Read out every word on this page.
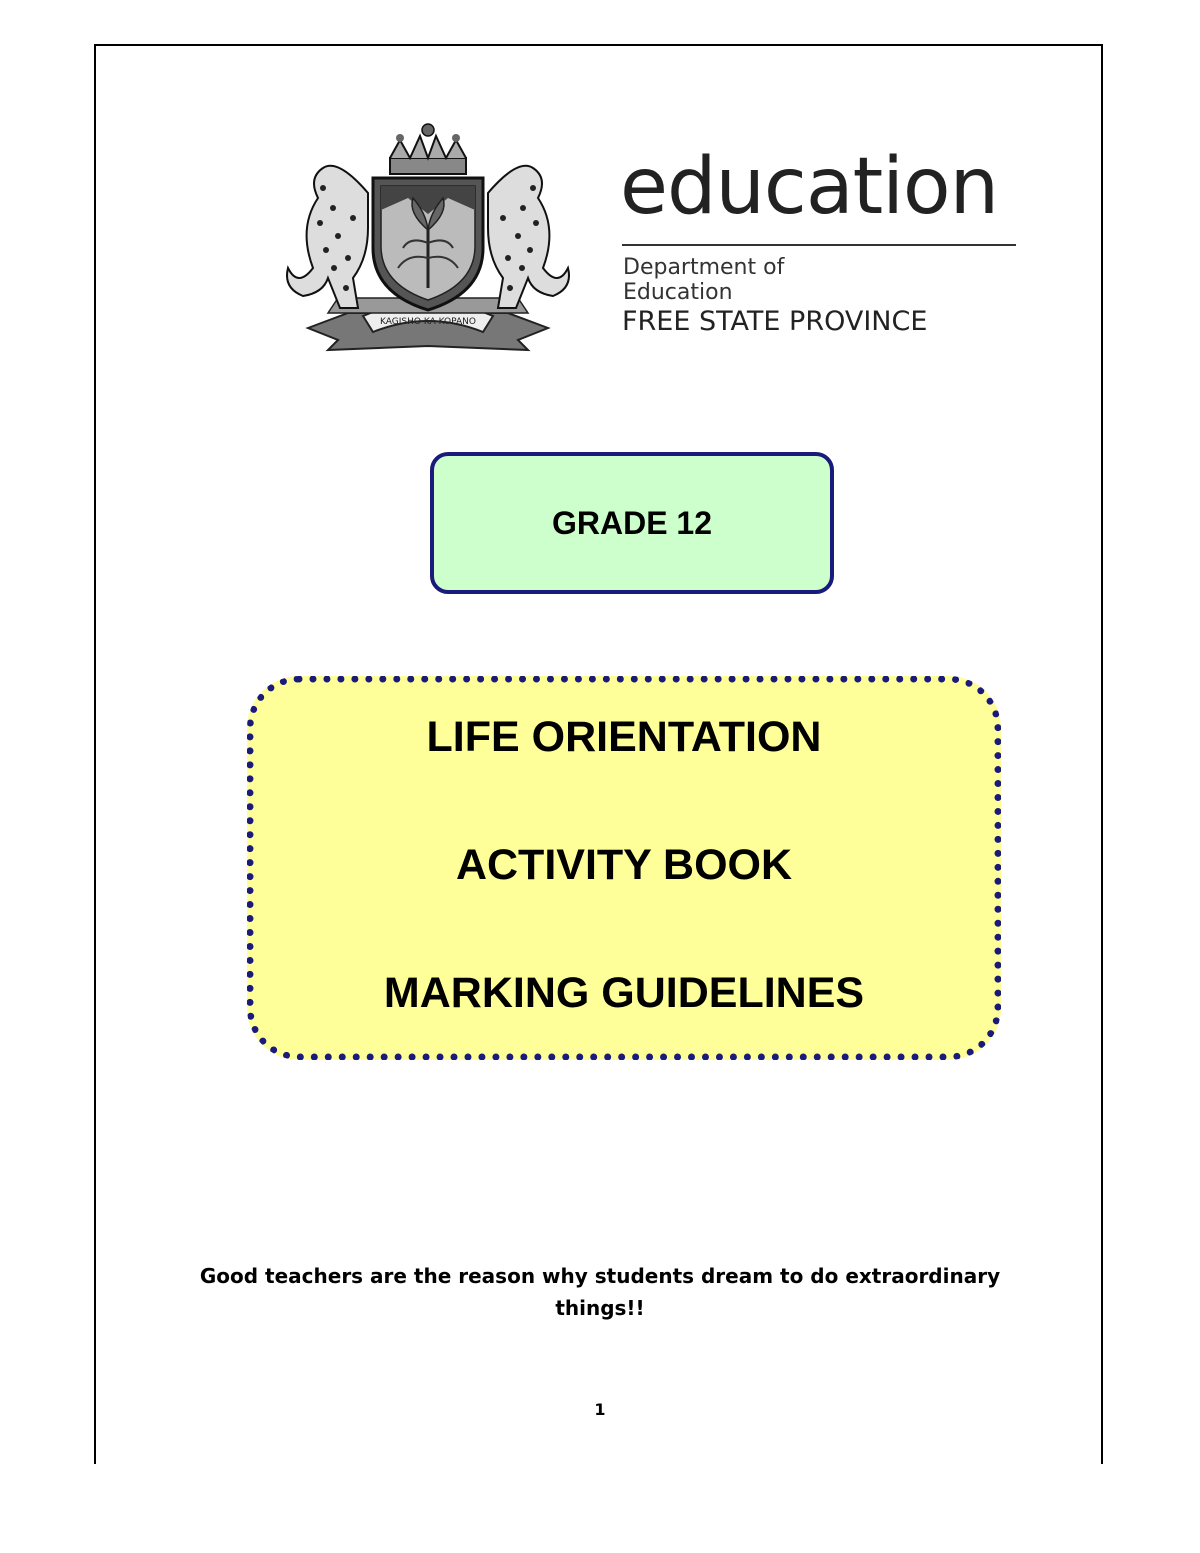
KAGISHO KA KOPANO
education
Department of
Education
FREE STATE PROVINCE
GRADE 12
LIFE ORIENTATION
ACTIVITY BOOK
MARKING GUIDELINES
Good teachers are the reason why students dream to do extraordinary things!!
1
